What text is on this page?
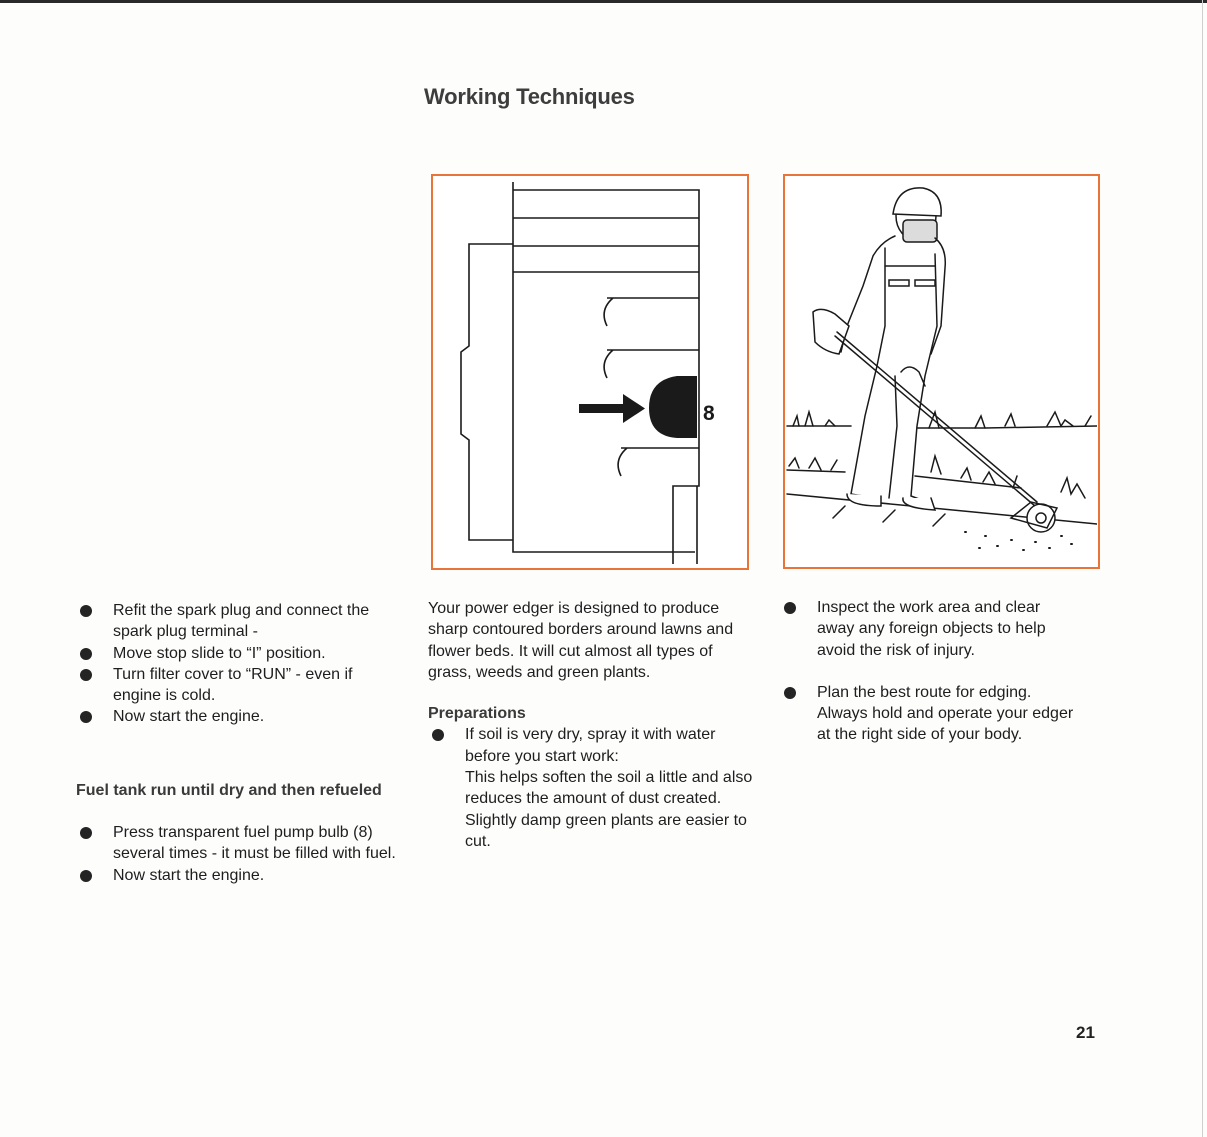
Working Techniques
8
Refit the spark plug and connect the spark plug terminal -
Move stop slide to “I” position.
Turn filter cover to “RUN” - even if engine is cold.
Now start the engine.

Fuel tank run until dry and then refueled

Press transparent fuel pump bulb (8) several times - it must be filled with fuel.
Now start the engine.

Your power edger is designed to produce sharp contoured borders around lawns and flower beds. It will cut almost all types of grass, weeds and green plants.

Preparations

If soil is very dry, spray it with water before you start work:
This helps soften the soil a little and also reduces the amount of dust created. Slightly damp green plants are easier to cut.
Inspect the work area and clear away any foreign objects to help avoid the risk of injury.
Plan the best route for edging. Always hold and operate your edger at the right side of your body.
21
